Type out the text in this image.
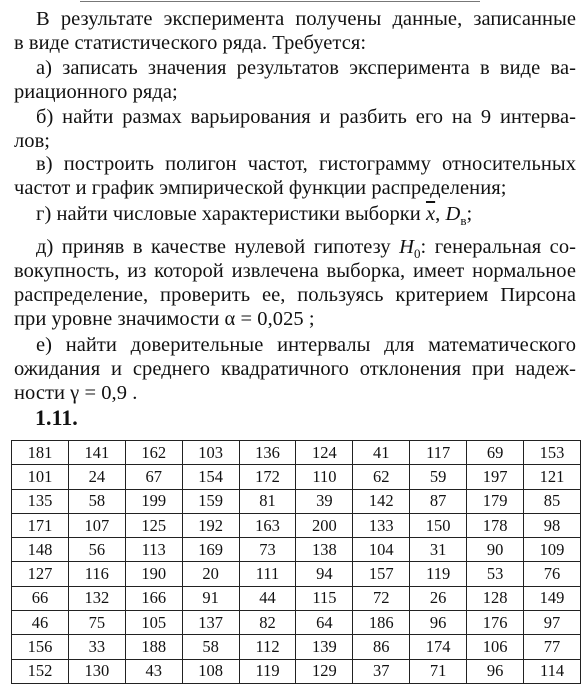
В результате эксперимента получены данные, записанные
в виде статистического ряда. Требуется:
а) записать значения результатов эксперимента в виде ва-
риационного ряда;
б) найти размах варьирования и разбить его на 9 интерва-
лов;
в) построить полигон частот, гистограмму относительных
частот и график эмпирической функции распределения;
г) найти числовые характеристики выборки $\overline{x}$, $D_в$;
д) приняв в качестве нулевой гипотезу $H_0$: генеральная со-
вокупность, из которой извлечена выборка, имеет нормальное
распределение, проверить ее, пользуясь критерием Пирсона
при уровне значимости α = 0,025 ;
е) найти доверительные интервалы для математического
ожидания и среднего квадратичного отклонения при надеж-
ности γ = 0,9 .
1.11.
181	141	162	103	136	124	41	117	69	153
101	24	67	154	172	110	62	59	197	121
135	58	199	159	81	39	142	87	179	85
171	107	125	192	163	200	133	150	178	98
148	56	113	169	73	138	104	31	90	109
127	116	190	20	111	94	157	119	53	76
66	132	166	91	44	115	72	26	128	149
46	75	105	137	82	64	186	96	176	97
156	33	188	58	112	139	86	174	106	77
152	130	43	108	119	129	37	71	96	114
